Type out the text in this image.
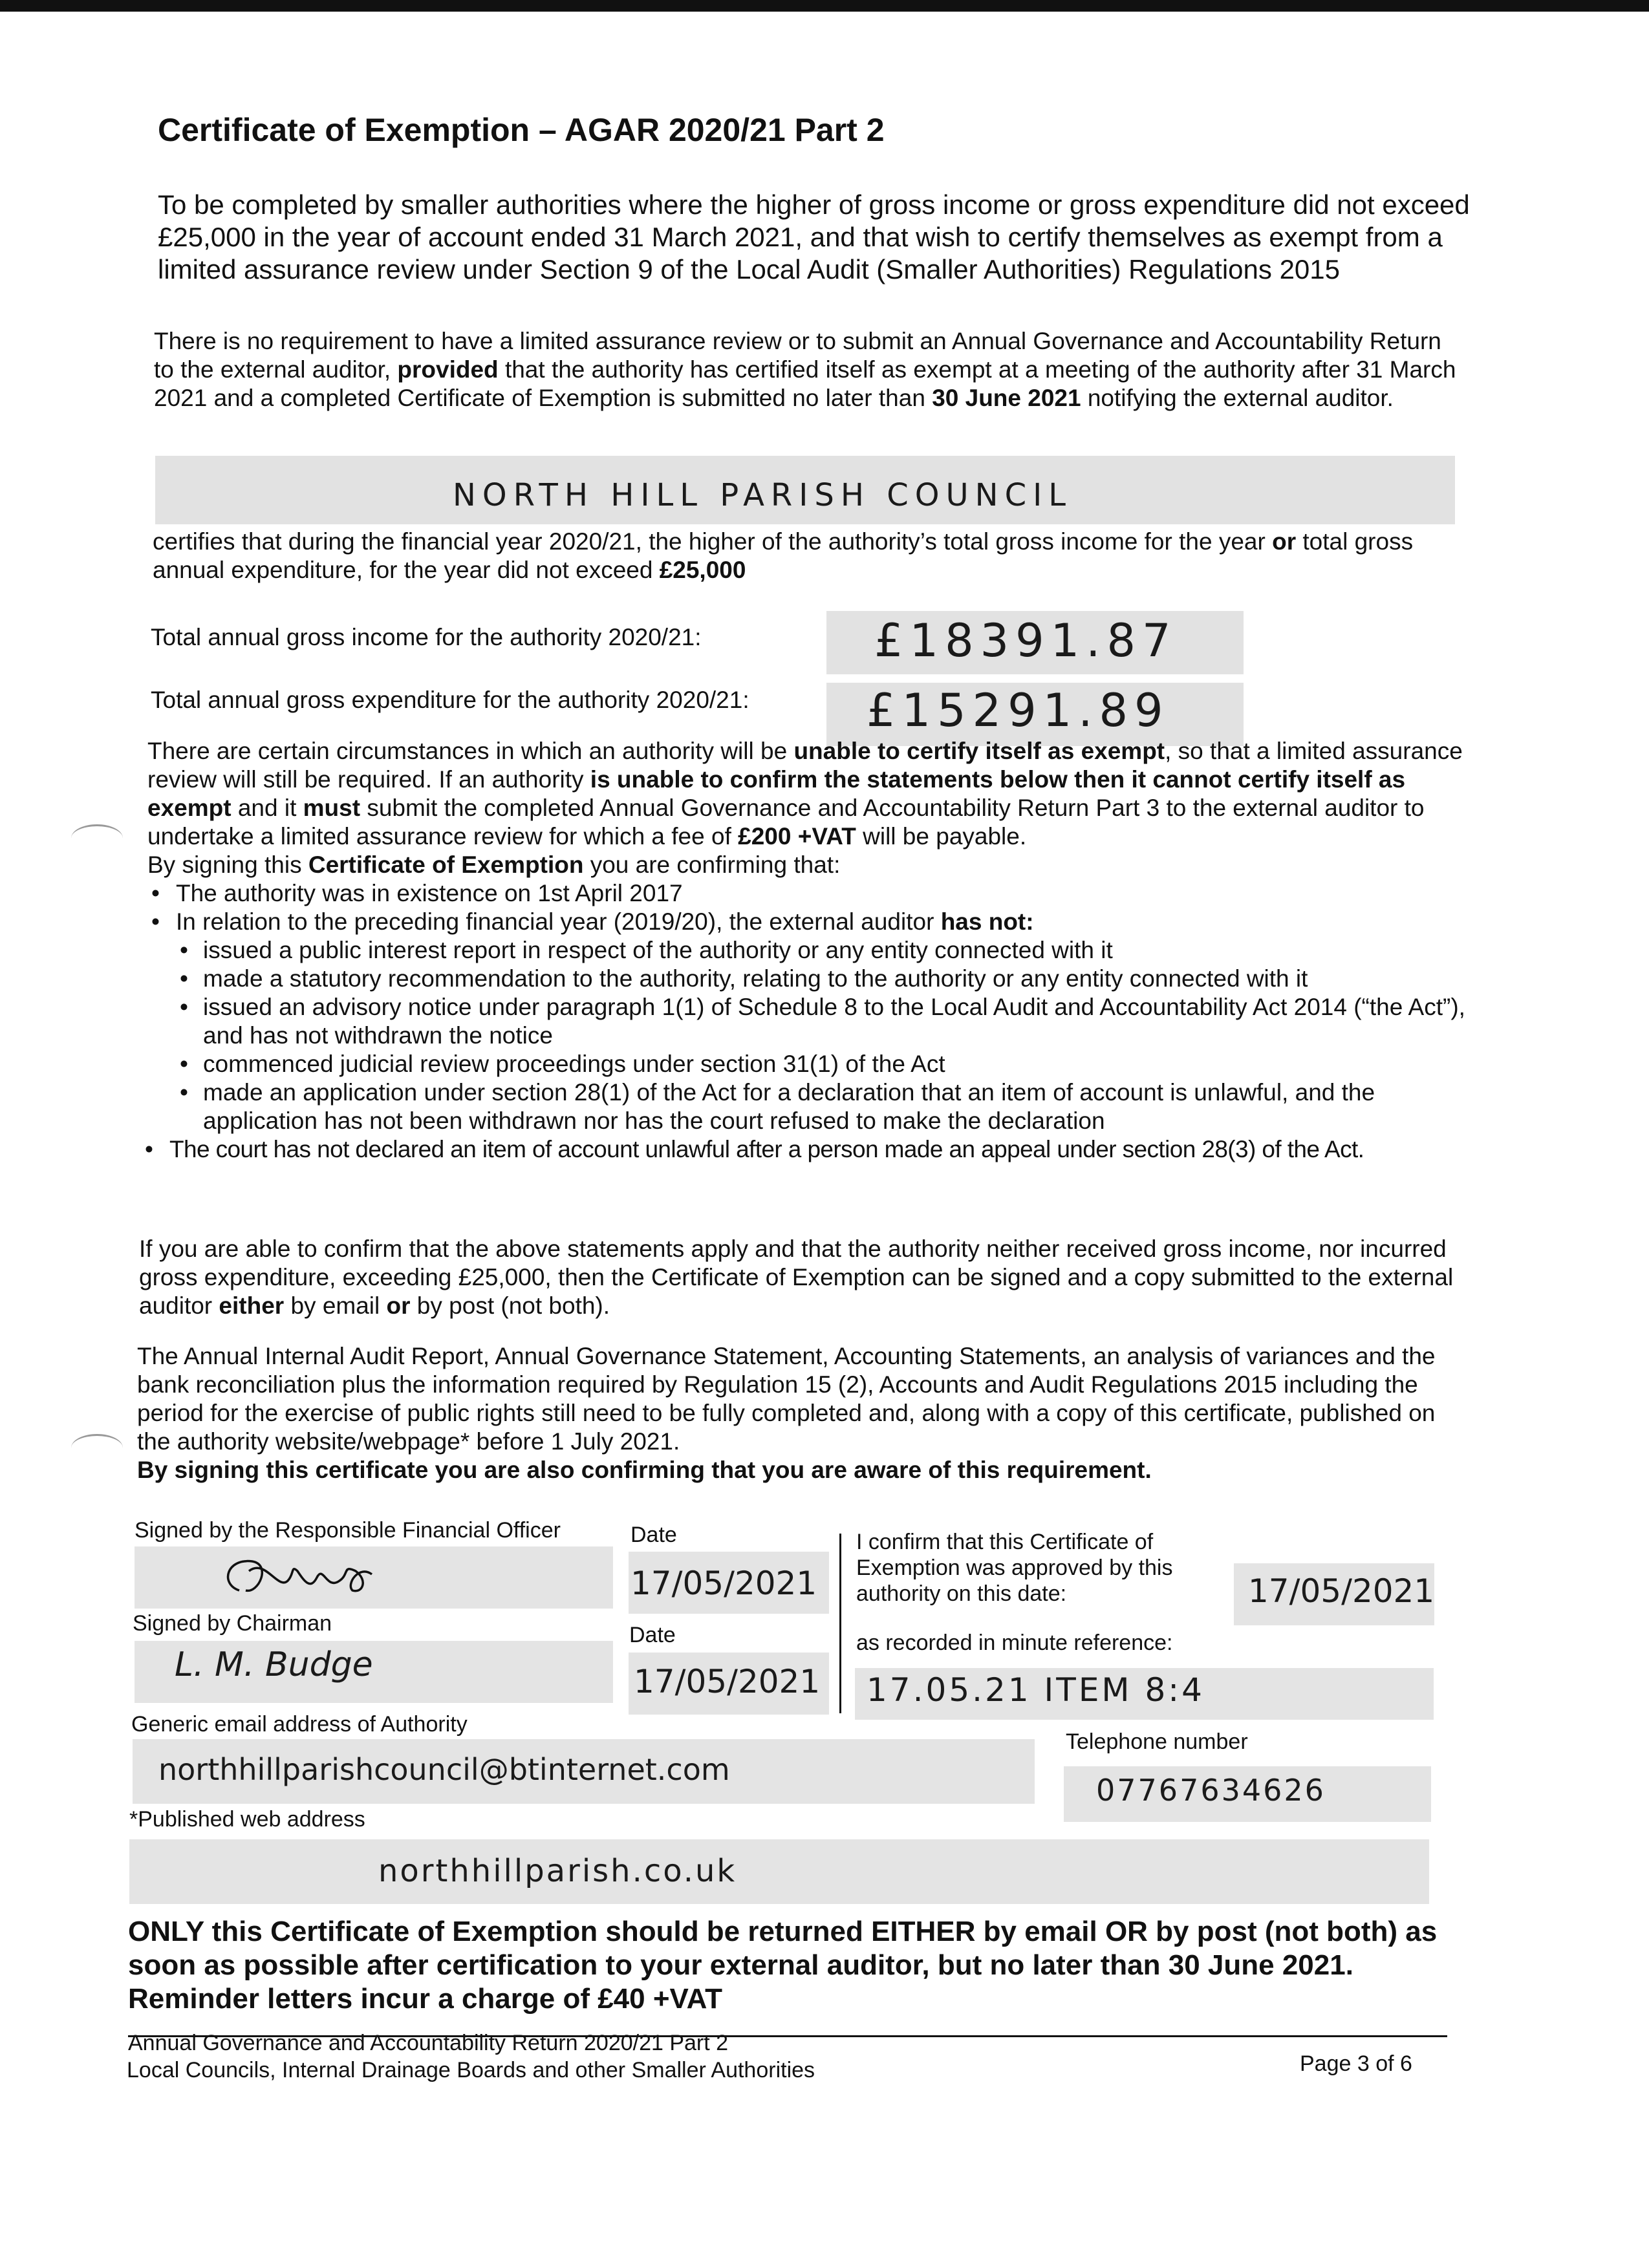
Certificate of Exemption – AGAR 2020/21 Part 2
To be completed by smaller authorities where the higher of gross income or gross expenditure did not exceed £25,000 in the year of account ended 31 March 2021, and that wish to certify themselves as exempt from a limited assurance review under Section 9 of the Local Audit (Smaller Authorities) Regulations 2015
There is no requirement to have a limited assurance review or to submit an Annual Governance and Accountability Return to the external auditor, provided that the authority has certified itself as exempt at a meeting of the authority after 31 March 2021 and a completed Certificate of Exemption is submitted no later than 30 June 2021 notifying the external auditor.
NORTH HILL PARISH COUNCIL
certifies that during the financial year 2020/21, the higher of the authority’s total gross income for the year or total gross annual expenditure, for the year did not exceed £25,000
Total annual gross income for the authority 2020/21:	£18391.87
Total annual gross expenditure for the authority 2020/21:	£15291.89
There are certain circumstances in which an authority will be unable to certify itself as exempt, so that a limited assurance review will still be required. If an authority is unable to confirm the statements below then it cannot certify itself as exempt and it must submit the completed Annual Governance and Accountability Return Part 3 to the external auditor to undertake a limited assurance review for which a fee of £200 +VAT will be payable.
By signing this Certificate of Exemption you are confirming that:
• The authority was in existence on 1st April 2017
• In relation to the preceding financial year (2019/20), the external auditor has not:
• issued a public interest report in respect of the authority or any entity connected with it
• made a statutory recommendation to the authority, relating to the authority or any entity connected with it
• issued an advisory notice under paragraph 1(1) of Schedule 8 to the Local Audit and Accountability Act 2014 (“the Act”), and has not withdrawn the notice
• commenced judicial review proceedings under section 31(1) of the Act
• made an application under section 28(1) of the Act for a declaration that an item of account is unlawful, and the application has not been withdrawn nor has the court refused to make the declaration
• The court has not declared an item of account unlawful after a person made an appeal under section 28(3) of the Act.
If you are able to confirm that the above statements apply and that the authority neither received gross income, nor incurred gross expenditure, exceeding £25,000, then the Certificate of Exemption can be signed and a copy submitted to the external auditor either by email or by post (not both).
The Annual Internal Audit Report, Annual Governance Statement, Accounting Statements, an analysis of variances and the bank reconciliation plus the information required by Regulation 15 (2), Accounts and Audit Regulations 2015 including the period for the exercise of public rights still need to be fully completed and, along with a copy of this certificate, published on the authority website/webpage* before 1 July 2021.
By signing this certificate you are also confirming that you are aware of this requirement.
Signed by the Responsible Financial Officer	Date
17/05/2021
I confirm that this Certificate of Exemption was approved by this authority on this date:	17/05/2021
Signed by Chairman
L. M. Budge
Date
17/05/2021
as recorded in minute reference:
17.05.21 ITEM 8:4
Generic email address of Authority
northhillparishcouncil@btinternet.com
Telephone number
07767634626
*Published web address
northhillparish.co.uk
ONLY this Certificate of Exemption should be returned EITHER by email OR by post (not both) as soon as possible after certification to your external auditor, but no later than 30 June 2021. Reminder letters incur a charge of £40 +VAT
Annual Governance and Accountability Return 2020/21 Part 2
Local Councils, Internal Drainage Boards and other Smaller Authorities	Page 3 of 6
